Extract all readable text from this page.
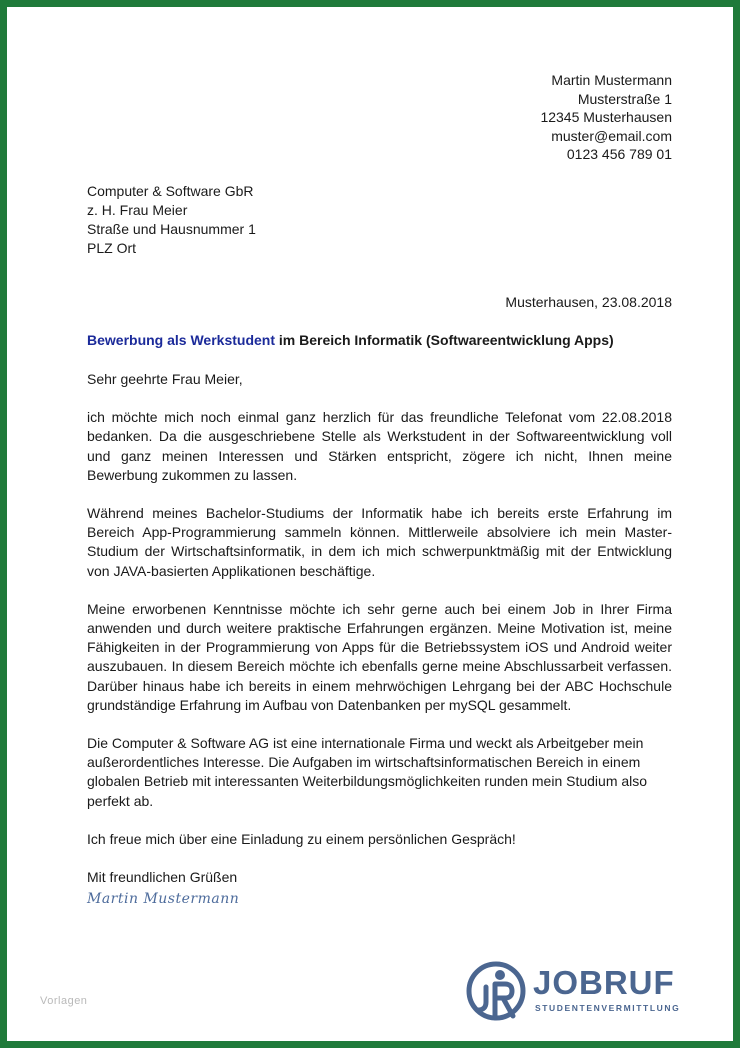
Martin Mustermann
Musterstraße 1
12345 Musterhausen
muster@email.com
0123 456 789 01
Computer & Software GbR
z. H. Frau Meier
Straße und Hausnummer 1
PLZ Ort
Musterhausen, 23.08.2018
Bewerbung als Werkstudent im Bereich Informatik (Softwareentwicklung Apps)

Sehr geehrte Frau Meier,

ich möchte mich noch einmal ganz herzlich für das freundliche Telefonat vom 22.08.2018 bedanken. Da die ausgeschriebene Stelle als Werkstudent in der Softwareentwicklung voll und ganz meinen Interessen und Stärken entspricht, zögere ich nicht, Ihnen meine Bewerbung zukommen zu lassen.

Während meines Bachelor-Studiums der Informatik habe ich bereits erste Erfahrung im Bereich App-Programmierung sammeln können. Mittlerweile absolviere ich mein Master-Studium der Wirtschaftsinformatik, in dem ich mich schwerpunktmäßig mit der Entwicklung von JAVA-basierten Applikationen beschäftige.

Meine erworbenen Kenntnisse möchte ich sehr gerne auch bei einem Job in Ihrer Firma anwenden und durch weitere praktische Erfahrungen ergänzen. Meine Motivation ist, meine Fähigkeiten in der Programmierung von Apps für die Betriebssystem iOS und Android weiter auszubauen. In diesem Bereich möchte ich ebenfalls gerne meine Abschlussarbeit verfassen. Darüber hinaus habe ich bereits in einem mehrwöchigen Lehrgang bei der ABC Hochschule grundständige Erfahrung im Aufbau von Datenbanken per mySQL gesammelt.

Die Computer & Software AG ist eine internationale Firma und weckt als Arbeitgeber mein außerordentliches Interesse. Die Aufgaben im wirtschaftsinformatischen Bereich in einem globalen Betrieb mit interessanten Weiterbildungsmöglichkeiten runden mein Studium also perfekt ab.

Ich freue mich über eine Einladung zu einem persönlichen Gespräch!

Mit freundlichen Grüßen

Martin Mustermann
Vorlagen	JOBRUF
STUDENTENVERMITTLUNG
